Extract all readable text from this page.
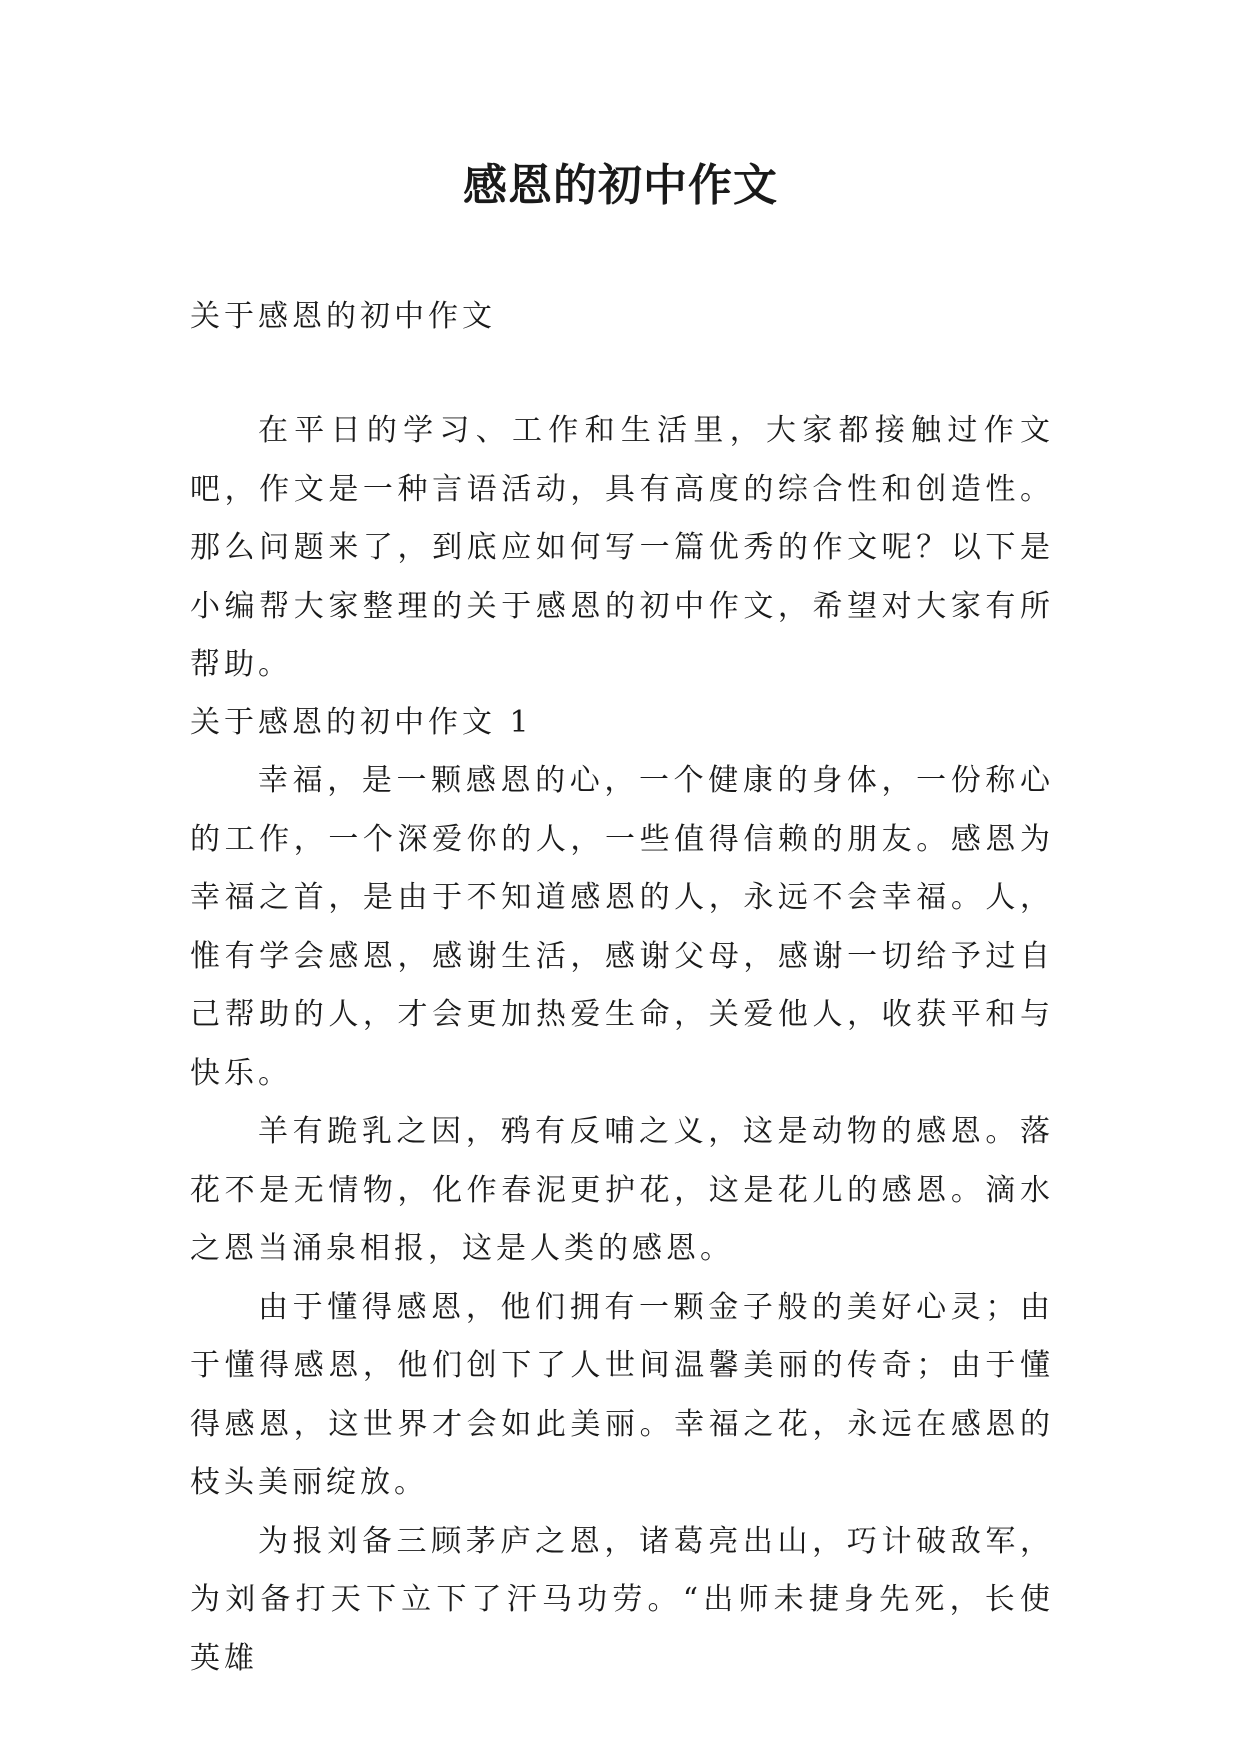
感恩的初中作文
关于感恩的初中作文

在平日的学习、工作和生活里，大家都接触过作文吧，作文是一种言语活动，具有高度的综合性和创造性。那么问题来了，到底应如何写一篇优秀的作文呢？以下是小编帮大家整理的关于感恩的初中作文，希望对大家有所帮助。

关于感恩的初中作文 1

幸福，是一颗感恩的心，一个健康的身体，一份称心的工作，一个深爱你的人，一些值得信赖的朋友。感恩为幸福之首，是由于不知道感恩的人，永远不会幸福。人，惟有学会感恩，感谢生活，感谢父母，感谢一切给予过自己帮助的人，才会更加热爱生命，关爱他人，收获平和与快乐。

羊有跪乳之因，鸦有反哺之义，这是动物的感恩。落花不是无情物，化作春泥更护花，这是花儿的感恩。滴水之恩当涌泉相报，这是人类的感恩。

由于懂得感恩，他们拥有一颗金子般的美好心灵；由于懂得感恩，他们创下了人世间温馨美丽的传奇；由于懂得感恩，这世界才会如此美丽。幸福之花，永远在感恩的枝头美丽绽放。

为报刘备三顾茅庐之恩，诸葛亮出山，巧计破敌军，为刘备打天下立下了汗马功劳。“出师未捷身先死，长使英雄
